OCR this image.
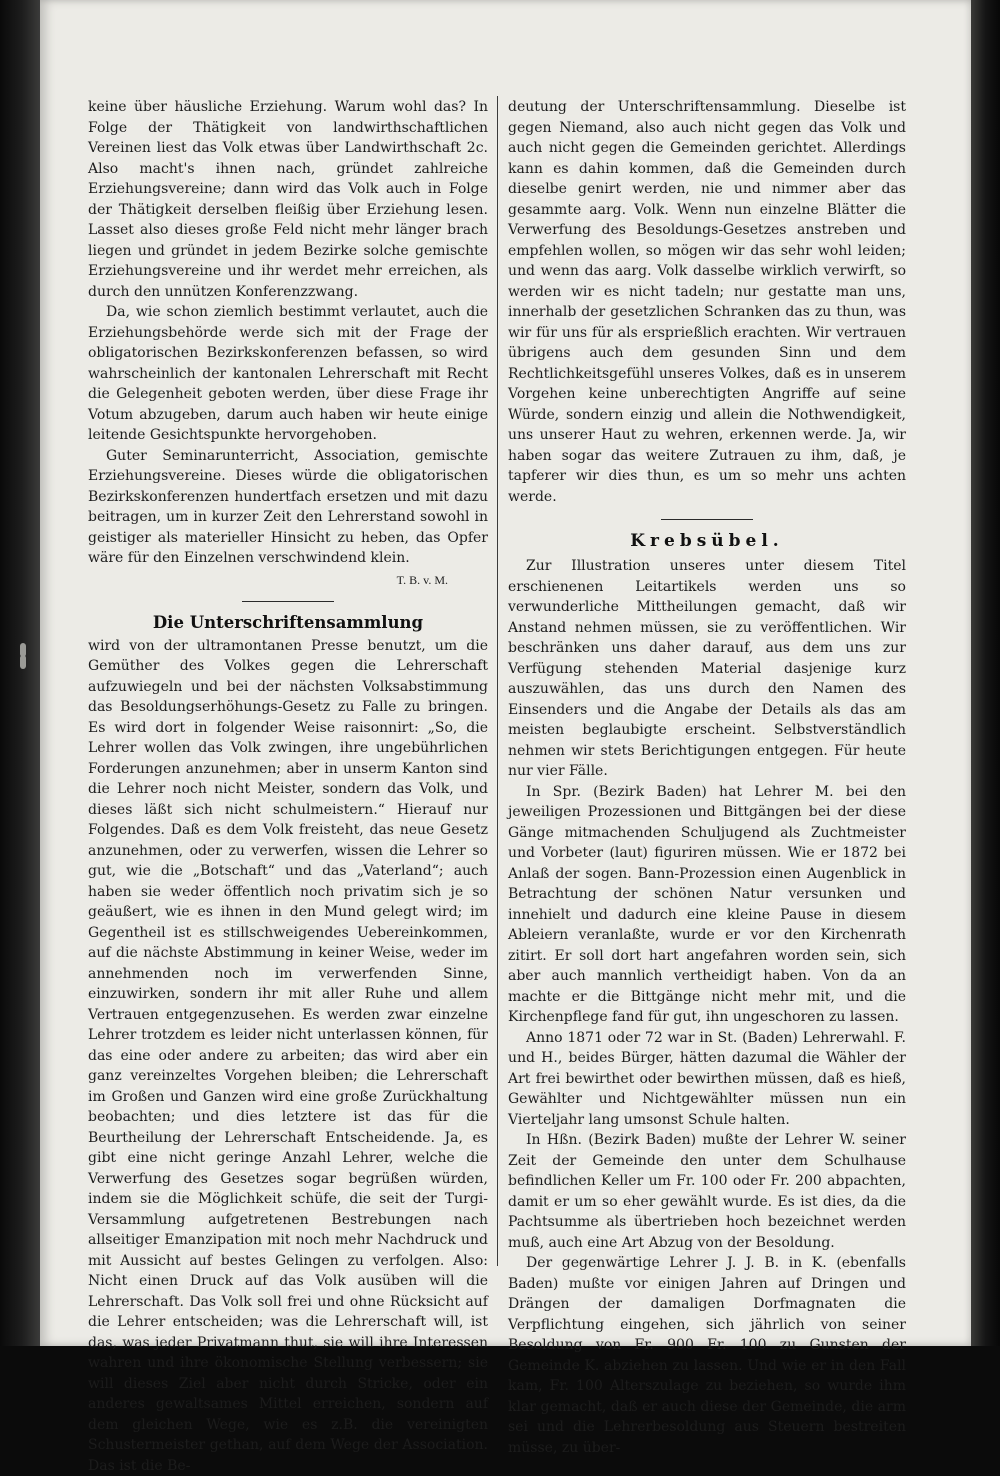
keine über häusliche Erziehung. Warum wohl das? In Folge der Thätigkeit von landwirthschaftlichen Vereinen liest das Volk etwas über Landwirthschaft 2c. Also macht's ihnen nach, gründet zahlreiche Erziehungsvereine; dann wird das Volk auch in Folge der Thätigkeit derselben fleißig über Erziehung lesen. Lasset also dieses große Feld nicht mehr länger brach liegen und gründet in jedem Bezirke solche gemischte Erziehungsvereine und ihr werdet mehr erreichen, als durch den unnützen Konferenzzwang.

Da, wie schon ziemlich bestimmt verlautet, auch die Erziehungsbehörde werde sich mit der Frage der obligatorischen Bezirkskonferenzen befassen, so wird wahrscheinlich der kantonalen Lehrerschaft mit Recht die Gelegenheit geboten werden, über diese Frage ihr Votum abzugeben, darum auch haben wir heute einige leitende Gesichtspunkte hervorgehoben.

Guter Seminarunterricht, Association, gemischte Erziehungsvereine. Dieses würde die obligatorischen Bezirkskonferenzen hundertfach ersetzen und mit dazu beitragen, um in kurzer Zeit den Lehrerstand sowohl in geistiger als materieller Hinsicht zu heben, das Opfer wäre für den Einzelnen verschwindend klein.

T. B. v. M.
Die Unterschriftensammlung

wird von der ultramontanen Presse benutzt, um die Gemüther des Volkes gegen die Lehrerschaft aufzuwiegeln und bei der nächsten Volksabstimmung das Besoldungserhöhungs-Gesetz zu Falle zu bringen. Es wird dort in folgender Weise raisonnirt: „So, die Lehrer wollen das Volk zwingen, ihre ungebührlichen Forderungen anzunehmen; aber in unserm Kanton sind die Lehrer noch nicht Meister, sondern das Volk, und dieses läßt sich nicht schulmeistern.“ Hierauf nur Folgendes. Daß es dem Volk freisteht, das neue Gesetz anzunehmen, oder zu verwerfen, wissen die Lehrer so gut, wie die „Botschaft“ und das „Vaterland“; auch haben sie weder öffentlich noch privatim sich je so geäußert, wie es ihnen in den Mund gelegt wird; im Gegentheil ist es stillschweigendes Uebereinkommen, auf die nächste Abstimmung in keiner Weise, weder im annehmenden noch im verwerfenden Sinne, einzuwirken, sondern ihr mit aller Ruhe und allem Vertrauen entgegenzusehen. Es werden zwar einzelne Lehrer trotzdem es leider nicht unterlassen können, für das eine oder andere zu arbeiten; das wird aber ein ganz vereinzeltes Vorgehen bleiben; die Lehrerschaft im Großen und Ganzen wird eine große Zurückhaltung beobachten; und dies letztere ist das für die Beurtheilung der Lehrerschaft Entscheidende. Ja, es gibt eine nicht geringe Anzahl Lehrer, welche die Verwerfung des Gesetzes sogar begrüßen würden, indem sie die Möglichkeit schüfe, die seit der Turgi-Versammlung aufgetretenen Bestrebungen nach allseitiger Emanzipation mit noch mehr Nachdruck und mit Aussicht auf bestes Gelingen zu verfolgen. Also: Nicht einen Druck auf das Volk ausüben will die Lehrerschaft. Das Volk soll frei und ohne Rücksicht auf die Lehrer entscheiden; was die Lehrerschaft will, ist das, was jeder Privatmann thut, sie will ihre Interessen wahren und ihre ökonomische Stellung verbessern; sie will dieses Ziel aber nicht durch Stricke, oder ein anderes gewaltsames Mittel erreichen, sondern auf dem gleichen Wege, wie es z.B. die vereinigten Schustermeister gethan, auf dem Wege der Association. Das ist die Be-

deutung der Unterschriftensammlung. Dieselbe ist gegen Niemand, also auch nicht gegen das Volk und auch nicht gegen die Gemeinden gerichtet. Allerdings kann es dahin kommen, daß die Gemeinden durch dieselbe genirt werden, nie und nimmer aber das gesammte aarg. Volk. Wenn nun einzelne Blätter die Verwerfung des Besoldungs-Gesetzes anstreben und empfehlen wollen, so mögen wir das sehr wohl leiden; und wenn das aarg. Volk dasselbe wirklich verwirft, so werden wir es nicht tadeln; nur gestatte man uns, innerhalb der gesetzlichen Schranken das zu thun, was wir für uns für als ersprießlich erachten. Wir vertrauen übrigens auch dem gesunden Sinn und dem Rechtlichkeitsgefühl unseres Volkes, daß es in unserem Vorgehen keine unberechtigten Angriffe auf seine Würde, sondern einzig und allein die Nothwendigkeit, uns unserer Haut zu wehren, erkennen werde. Ja, wir haben sogar das weitere Zutrauen zu ihm, daß, je tapferer wir dies thun, es um so mehr uns achten werde.

Krebsübel.

Zur Illustration unseres unter diesem Titel erschienenen Leitartikels werden uns so verwunderliche Mittheilungen gemacht, daß wir Anstand nehmen müssen, sie zu veröffentlichen. Wir beschränken uns daher darauf, aus dem uns zur Verfügung stehenden Material dasjenige kurz auszuwählen, das uns durch den Namen des Einsenders und die Angabe der Details als das am meisten beglaubigte erscheint. Selbstverständlich nehmen wir stets Berichtigungen entgegen. Für heute nur vier Fälle.

In Spr. (Bezirk Baden) hat Lehrer M. bei den jeweiligen Prozessionen und Bittgängen bei der diese Gänge mitmachenden Schuljugend als Zuchtmeister und Vorbeter (laut) figuriren müssen. Wie er 1872 bei Anlaß der sogen. Bann-Prozession einen Augenblick in Betrachtung der schönen Natur versunken und innehielt und dadurch eine kleine Pause in diesem Ableiern veranlaßte, wurde er vor den Kirchenrath zitirt. Er soll dort hart angefahren worden sein, sich aber auch mannlich vertheidigt haben. Von da an machte er die Bittgänge nicht mehr mit, und die Kirchenpflege fand für gut, ihn ungeschoren zu lassen.

Anno 1871 oder 72 war in St. (Baden) Lehrerwahl. F. und H., beides Bürger, hätten dazumal die Wähler der Art frei bewirthet oder bewirthen müssen, daß es hieß, Gewählter und Nichtgewählter müssen nun ein Vierteljahr lang umsonst Schule halten.

In Hßn. (Bezirk Baden) mußte der Lehrer W. seiner Zeit der Gemeinde den unter dem Schulhause befindlichen Keller um Fr. 100 oder Fr. 200 abpachten, damit er um so eher gewählt wurde. Es ist dies, da die Pachtsumme als übertrieben hoch bezeichnet werden muß, auch eine Art Abzug von der Besoldung.

Der gegenwärtige Lehrer J. J. B. in K. (ebenfalls Baden) mußte vor einigen Jahren auf Dringen und Drängen der damaligen Dorfmagnaten die Verpflichtung eingehen, sich jährlich von seiner Besoldung von Fr. 900 Fr. 100 zu Gunsten der Gemeinde K. abziehen zu lassen. Und wie er in den Fall kam, Fr. 100 Alterszulage zu beziehen, so wurde ihm klar gemacht, daß er auch diese der Gemeinde, die arm sei und die Lehrerbesoldung aus Steuern bestreiten müsse, zu über-
